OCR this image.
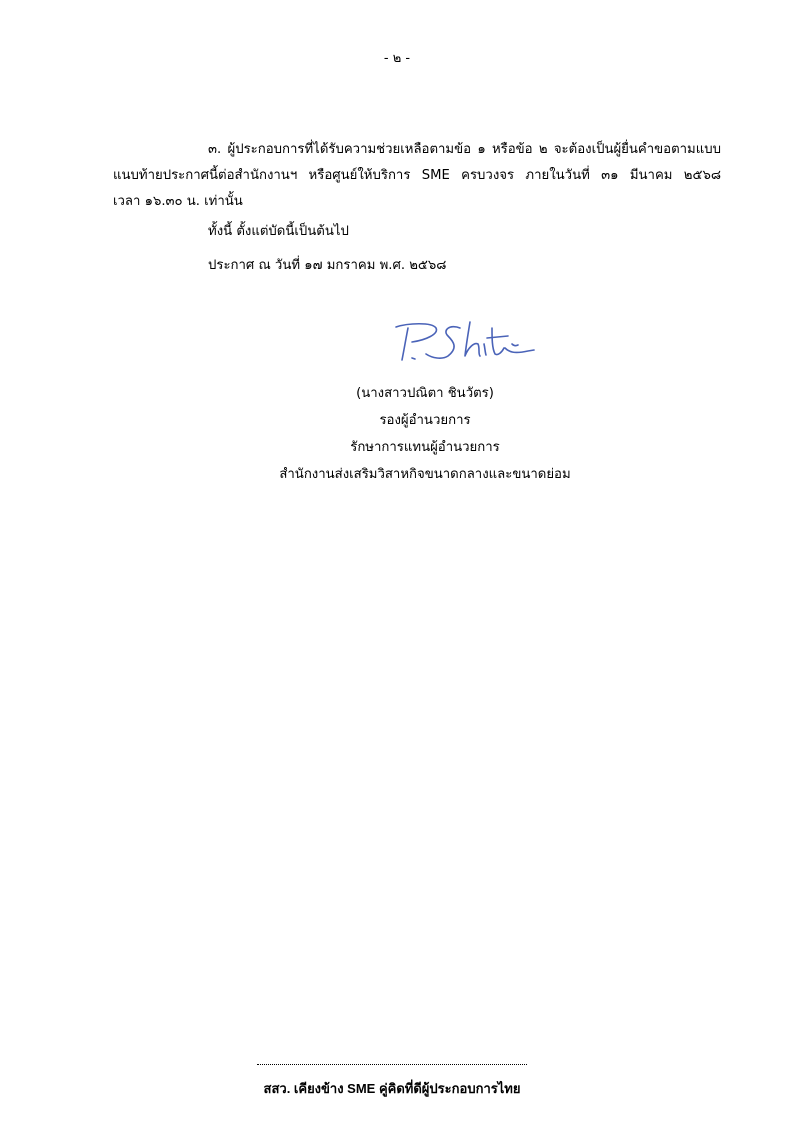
- ๒ -
๓. ผู้ประกอบการที่ได้รับความช่วยเหลือตามข้อ ๑ หรือข้อ ๒ จะต้องเป็นผู้ยื่นคำขอตามแบบ
แนบท้ายประกาศนี้ต่อสำนักงานฯ หรือศูนย์ให้บริการ SME ครบวงจร ภายในวันที่ ๓๑ มีนาคม ๒๕๖๘
เวลา ๑๖.๓๐ น. เท่านั้น
ทั้งนี้ ตั้งแต่บัดนี้เป็นต้นไป
ประกาศ ณ วันที่ ๑๗ มกราคม พ.ศ. ๒๕๖๘
(นางสาวปณิตา ชินวัตร)
รองผู้อำนวยการ
รักษาการแทนผู้อำนวยการ
สำนักงานส่งเสริมวิสาหกิจขนาดกลางและขนาดย่อม
สสว. เคียงข้าง SME คู่คิดที่ดีผู้ประกอบการไทย
